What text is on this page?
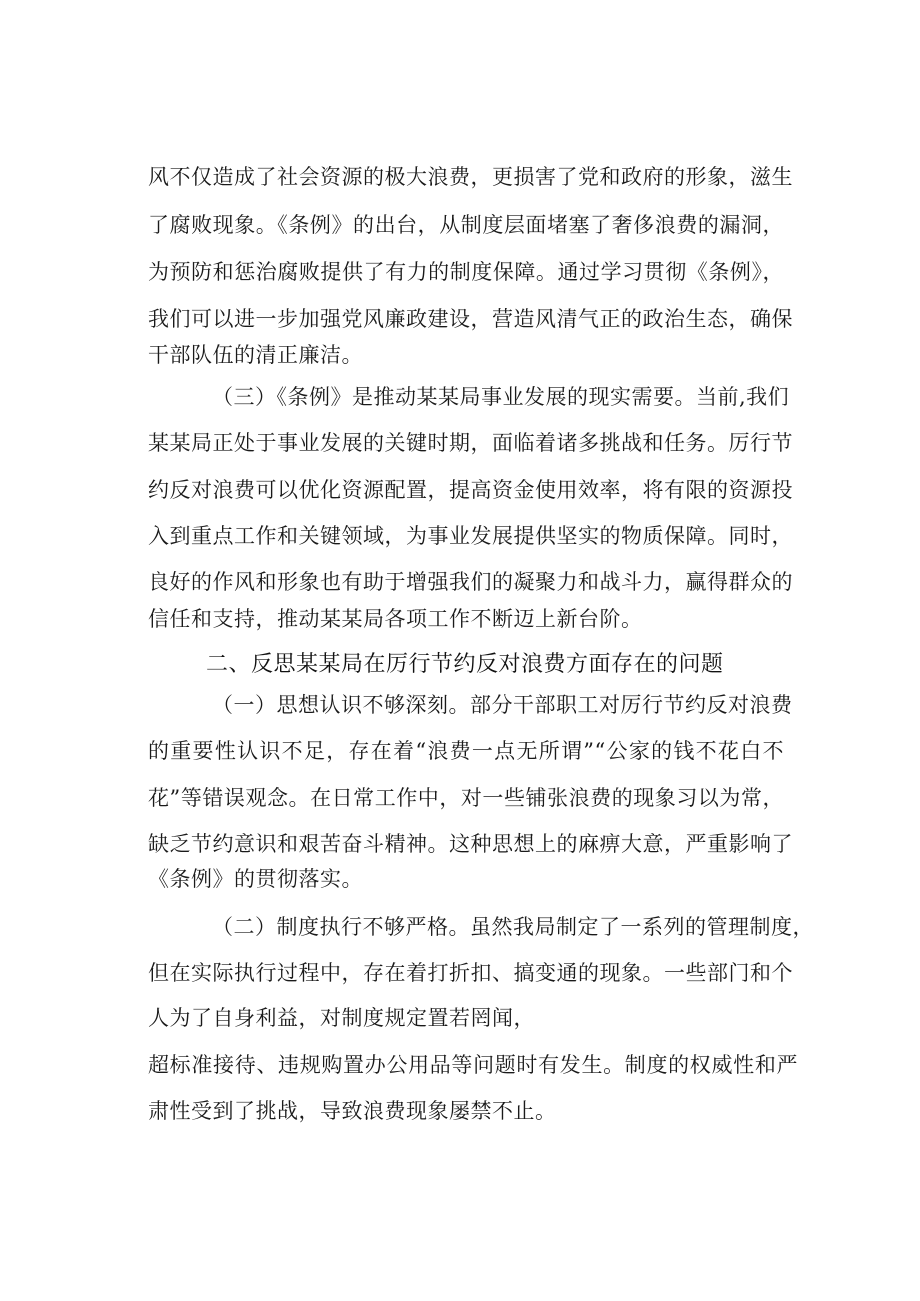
风不仅造成了社会资源的极大浪费，更损害了党和政府的形象，滋生
了腐败现象。《条例》的出台，从制度层面堵塞了奢侈浪费的漏洞，
为预防和惩治腐败提供了有力的制度保障。通过学习贯彻《条例》，
我们可以进一步加强党风廉政建设，营造风清气正的政治生态，确保
干部队伍的清正廉洁。
（三）《条例》是推动某某局事业发展的现实需要。当前,我们
某某局正处于事业发展的关键时期，面临着诸多挑战和任务。厉行节
约反对浪费可以优化资源配置，提高资金使用效率，将有限的资源投
入到重点工作和关键领域，为事业发展提供坚实的物质保障。同时，
良好的作风和形象也有助于增强我们的凝聚力和战斗力，赢得群众的
信任和支持，推动某某局各项工作不断迈上新台阶。
二、反思某某局在厉行节约反对浪费方面存在的问题
（一）思想认识不够深刻。部分干部职工对厉行节约反对浪费
的重要性认识不足，存在着“浪费一点无所谓”“公家的钱不花白不
花”等错误观念。在日常工作中，对一些铺张浪费的现象习以为常，
缺乏节约意识和艰苦奋斗精神。这种思想上的麻痹大意，严重影响了
《条例》的贯彻落实。
（二）制度执行不够严格。虽然我局制定了一系列的管理制度，
但在实际执行过程中，存在着打折扣、搞变通的现象。一些部门和个
人为了自身利益，对制度规定置若罔闻，
超标准接待、违规购置办公用品等问题时有发生。制度的权威性和严
肃性受到了挑战，导致浪费现象屡禁不止。
